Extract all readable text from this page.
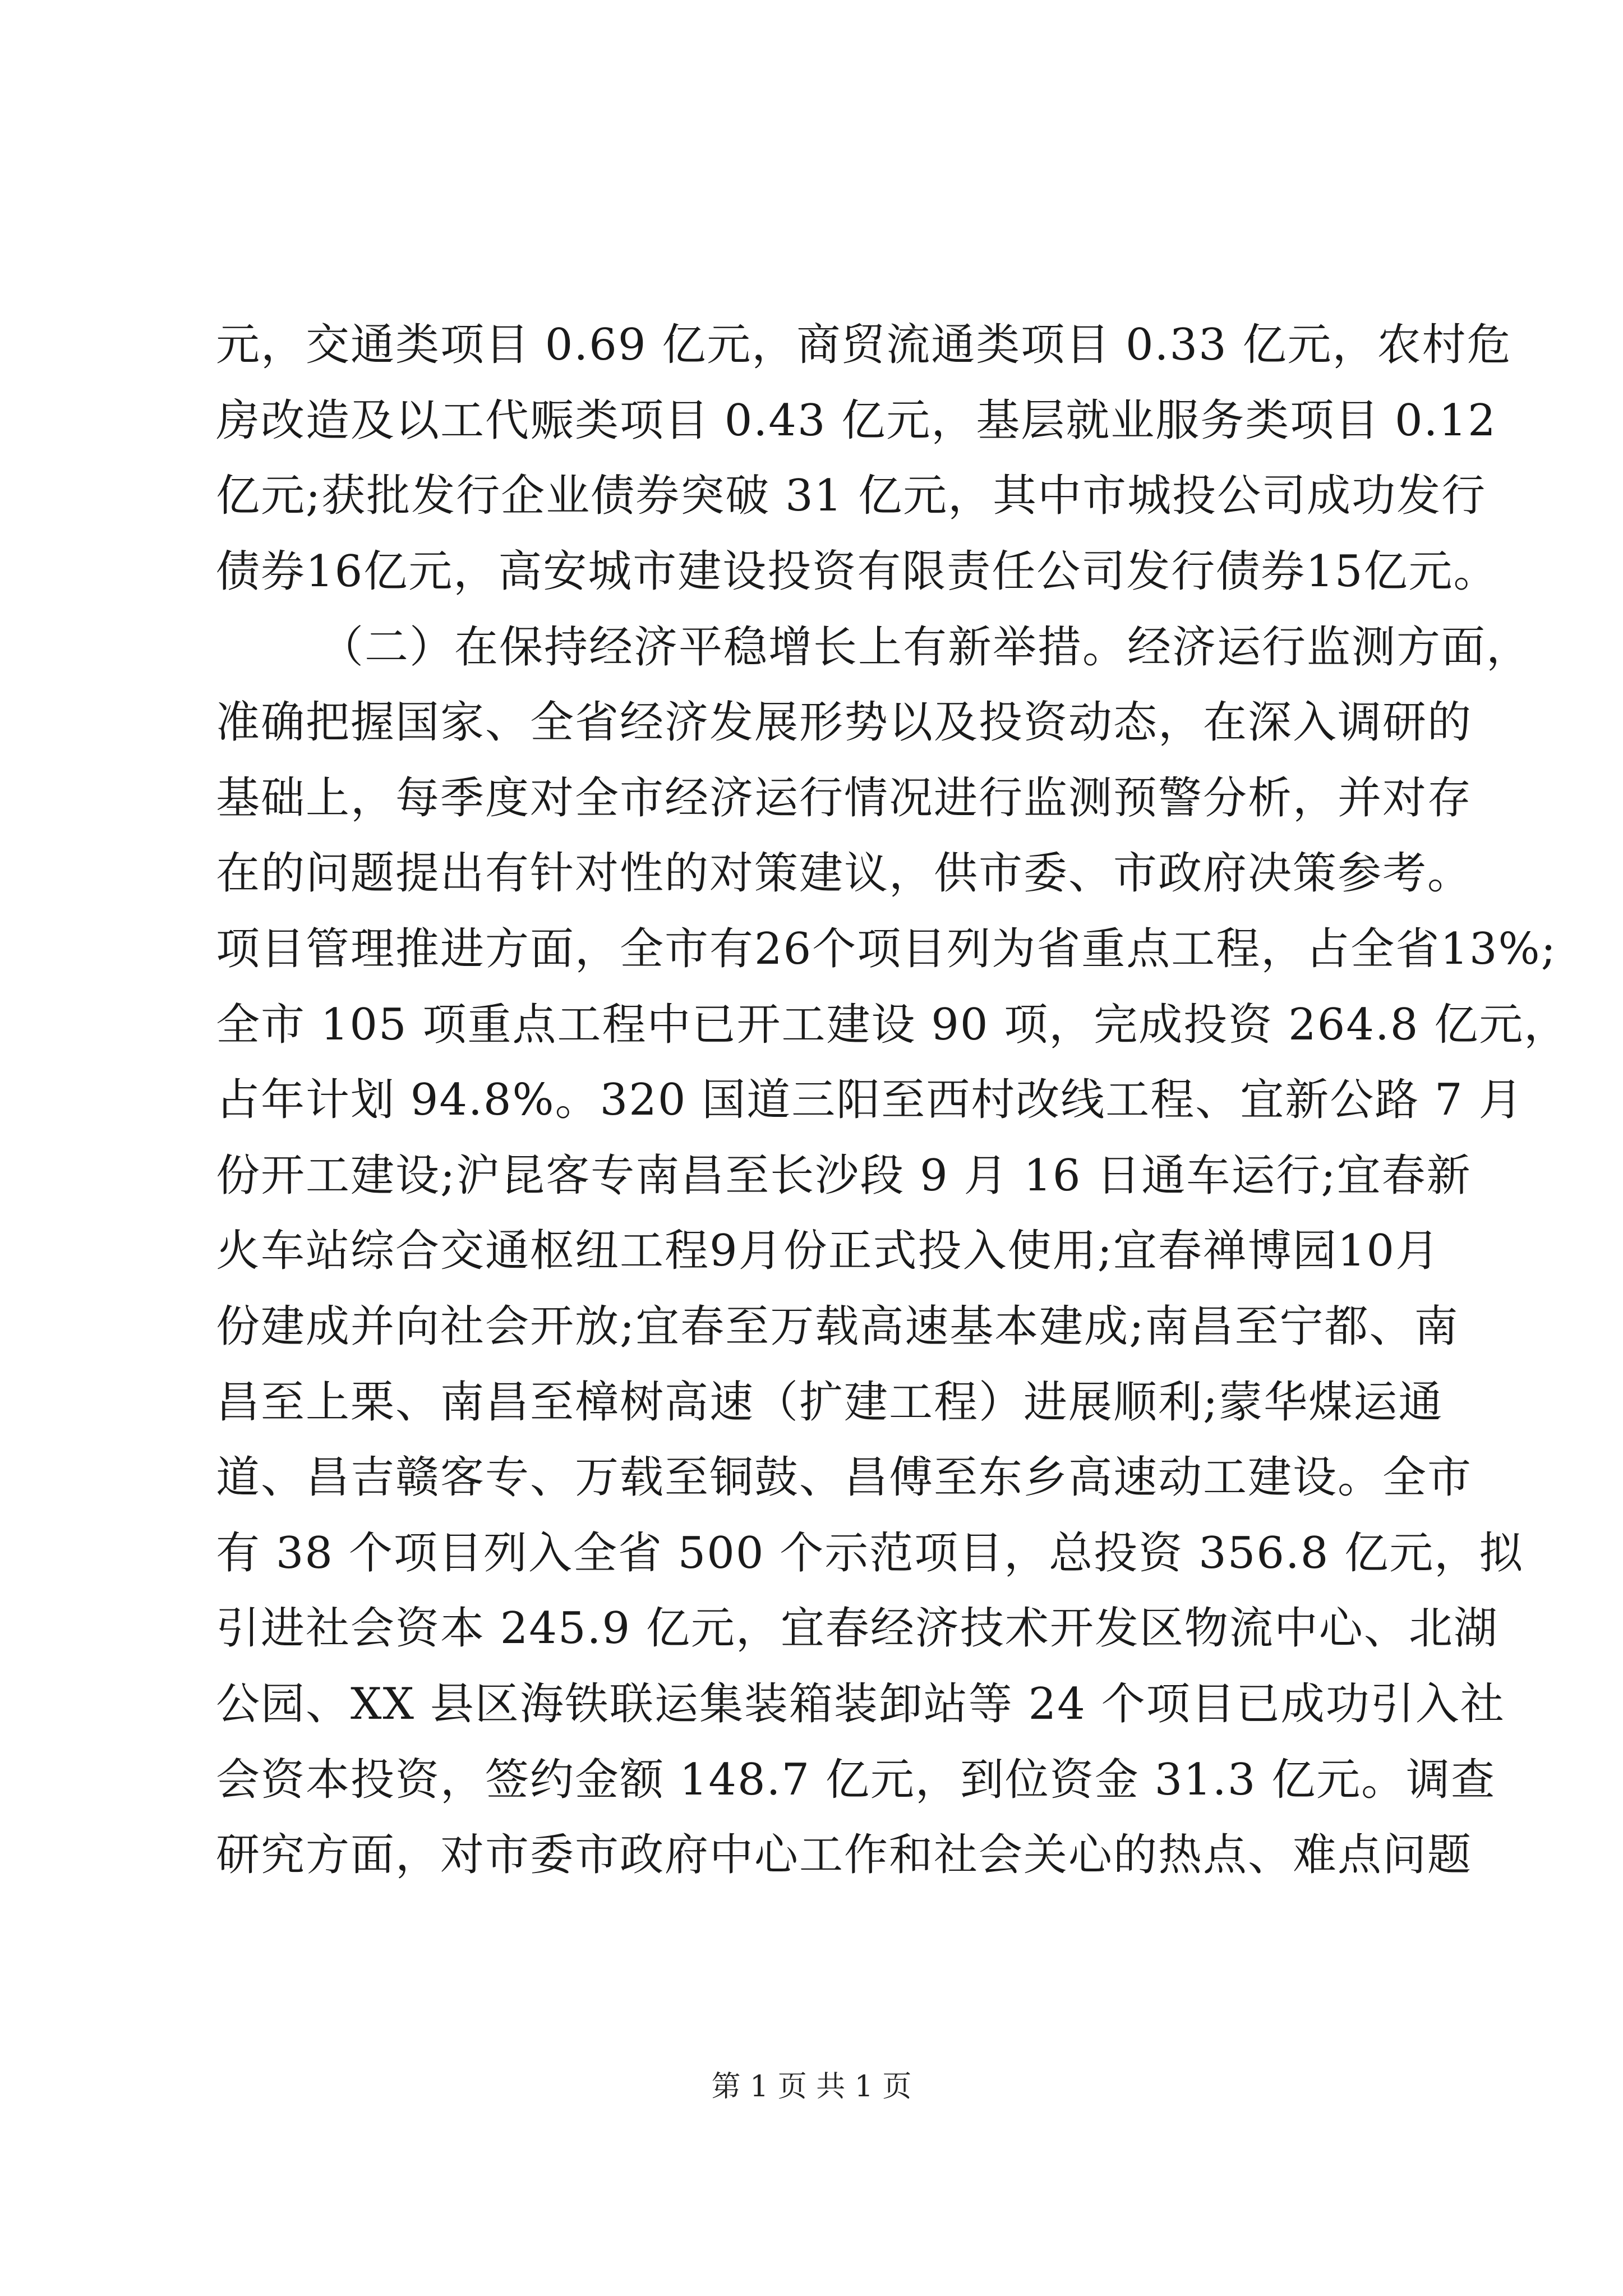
元，交通类项目 0.69 亿元，商贸流通类项目 0.33 亿元，农村危
房改造及以工代赈类项目 0.43 亿元，基层就业服务类项目 0.12
亿元;获批发行企业债券突破 31 亿元，其中市城投公司成功发行
债券16亿元，高安城市建设投资有限责任公司发行债券15亿元。
（二）在保持经济平稳增长上有新举措。经济运行监测方面，
准确把握国家、全省经济发展形势以及投资动态，在深入调研的
基础上，每季度对全市经济运行情况进行监测预警分析，并对存
在的问题提出有针对性的对策建议，供市委、市政府决策参考。
项目管理推进方面，全市有26个项目列为省重点工程，占全省13%;
全市 105 项重点工程中已开工建设 90 项，完成投资 264.8 亿元，
占年计划 94.8%。320 国道三阳至西村改线工程、宜新公路 7 月
份开工建设;沪昆客专南昌至长沙段 9 月 16 日通车运行;宜春新
火车站综合交通枢纽工程9月份正式投入使用;宜春禅博园10月
份建成并向社会开放;宜春至万载高速基本建成;南昌至宁都、南
昌至上栗、南昌至樟树高速（扩建工程）进展顺利;蒙华煤运通
道、昌吉赣客专、万载至铜鼓、昌傅至东乡高速动工建设。全市
有 38 个项目列入全省 500 个示范项目，总投资 356.8 亿元，拟
引进社会资本 245.9 亿元，宜春经济技术开发区物流中心、北湖
公园、XX 县区海铁联运集装箱装卸站等 24 个项目已成功引入社
会资本投资，签约金额 148.7 亿元，到位资金 31.3 亿元。调查
研究方面，对市委市政府中心工作和社会关心的热点、难点问题
第 1 页 共 1 页
